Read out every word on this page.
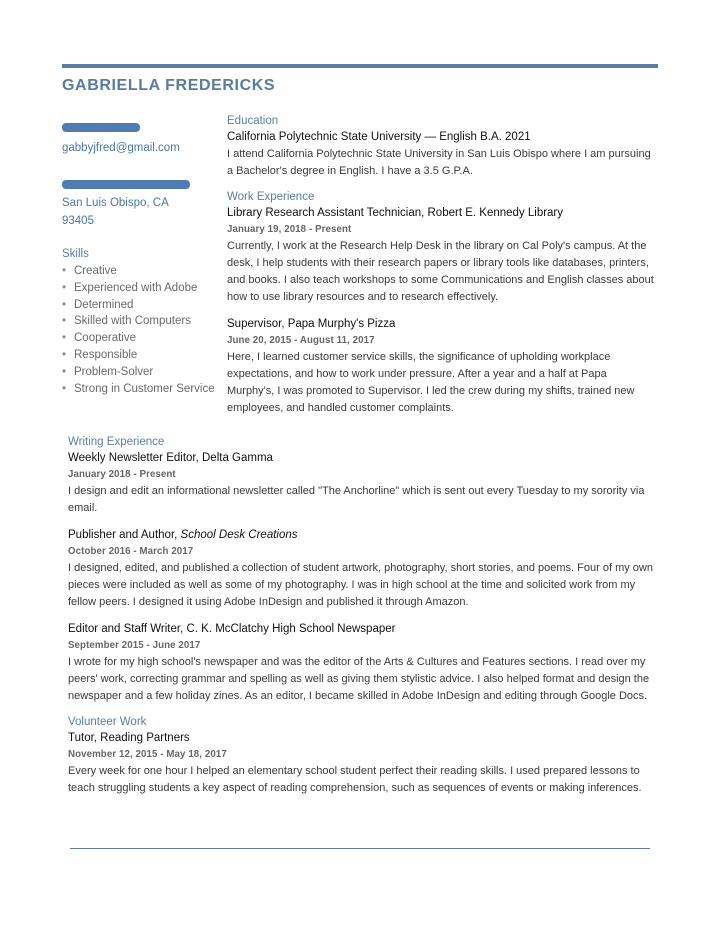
GABRIELLA FREDERICKS
gabbyjfred@gmail.com
San Luis Obispo, CA
93405
Skills
• Creative
• Experienced with Adobe
• Determined
• Skilled with Computers
• Cooperative
• Responsible
• Problem-Solver
• Strong in Customer Service
Education
California Polytechnic State University — English B.A. 2021
I attend California Polytechnic State University in San Luis Obispo where I am pursuing a Bachelor's degree in English. I have a 3.5 G.P.A.
Work Experience
Library Research Assistant Technician, Robert E. Kennedy Library
January 19, 2018 - Present
Currently, I work at the Research Help Desk in the library on Cal Poly's campus. At the desk, I help students with their research papers or library tools like databases, printers, and books. I also teach workshops to some Communications and English classes about how to use library resources and to research effectively.
Supervisor, Papa Murphy's Pizza
June 20, 2015 - August 11, 2017
Here, I learned customer service skills, the significance of upholding workplace expectations, and how to work under pressure. After a year and a half at Papa Murphy's, I was promoted to Supervisor. I led the crew during my shifts, trained new employees, and handled customer complaints.
Writing Experience
Weekly Newsletter Editor, Delta Gamma
January 2018 - Present
I design and edit an informational newsletter called "The Anchorline" which is sent out every Tuesday to my sorority via email.
Publisher and Author, School Desk Creations
October 2016 - March 2017
I designed, edited, and published a collection of student artwork, photography, short stories, and poems. Four of my own pieces were included as well as some of my photography. I was in high school at the time and solicited work from my fellow peers. I designed it using Adobe InDesign and published it through Amazon.
Editor and Staff Writer, C. K. McClatchy High School Newspaper
September 2015 - June 2017
I wrote for my high school's newspaper and was the editor of the Arts & Cultures and Features sections. I read over my peers' work, correcting grammar and spelling as well as giving them stylistic advice. I also helped format and design the newspaper and a few holiday zines. As an editor, I became skilled in Adobe InDesign and editing through Google Docs.
Volunteer Work
Tutor, Reading Partners
November 12, 2015 - May 18, 2017
Every week for one hour I helped an elementary school student perfect their reading skills. I used prepared lessons to teach struggling students a key aspect of reading comprehension, such as sequences of events or making inferences.
